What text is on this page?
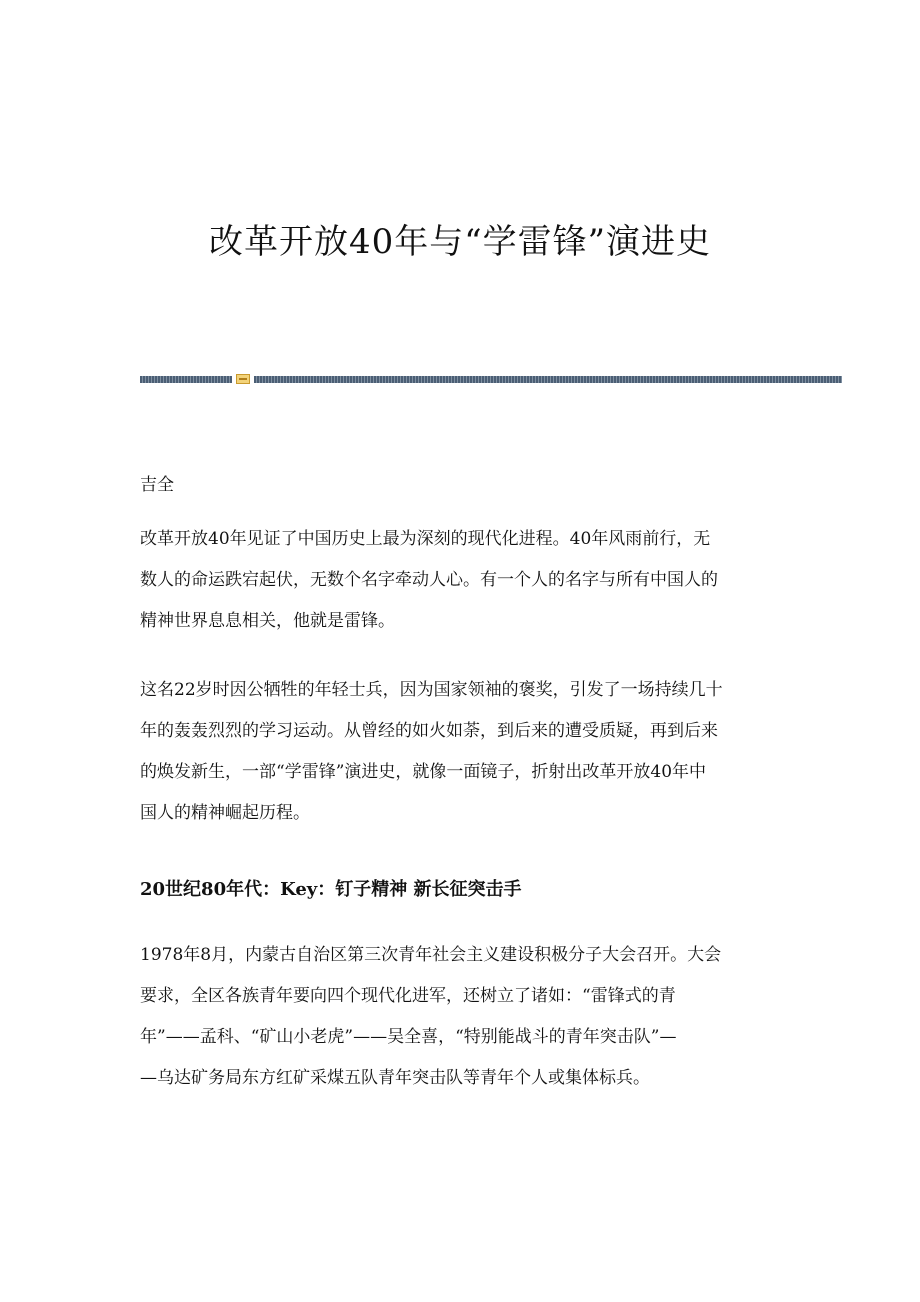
改革开放40年与“学雷锋”演进史
吉全
改革开放40年见证了中国历史上最为深刻的现代化进程。40年风雨前行，无
数人的命运跌宕起伏，无数个名字牵动人心。有一个人的名字与所有中国人的
精神世界息息相关，他就是雷锋。
这名22岁时因公牺牲的年轻士兵，因为国家领袖的褒奖，引发了一场持续几十
年的轰轰烈烈的学习运动。从曾经的如火如荼，到后来的遭受质疑，再到后来
的焕发新生，一部“学雷锋”演进史，就像一面镜子，折射出改革开放40年中
国人的精神崛起历程。
20世纪80年代：Key：钉子精神 新长征突击手
1978年8月，内蒙古自治区第三次青年社会主义建设积极分子大会召开。大会
要求，全区各族青年要向四个现代化进军，还树立了诸如：“雷锋式的青
年”——孟科、“矿山小老虎”——吴全喜，“特别能战斗的青年突击队”—
—乌达矿务局东方红矿采煤五队青年突击队等青年个人或集体标兵。
